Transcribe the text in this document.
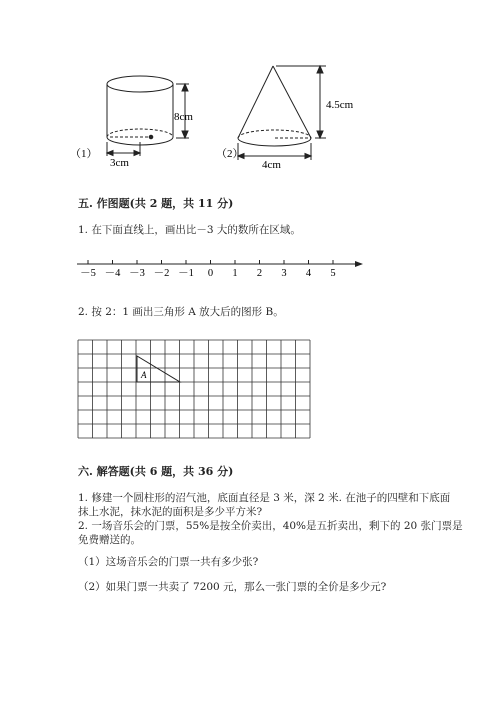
8cm
3cm
（1）
4.5cm
4cm
（2）
五. 作图题(共 2 题，共 11 分)
1. 在下面直线上，画出比－3 大的数所在区域。
－5 －4 －3 －2 －1 0 1 2 3 4 5
2. 按 2：1 画出三角形 A 放大后的图形 B。
A
六. 解答题(共 6 题，共 36 分)
1. 修建一个圆柱形的沼气池，底面直径是 3 米，深 2 米. 在池子的四壁和下底面
抹上水泥，抹水泥的面积是多少平方米?
2. 一场音乐会的门票，55%是按全价卖出，40%是五折卖出，剩下的 20 张门票是
免费赠送的。
（1）这场音乐会的门票一共有多少张?
（2）如果门票一共卖了 7200 元，那么一张门票的全价是多少元?
